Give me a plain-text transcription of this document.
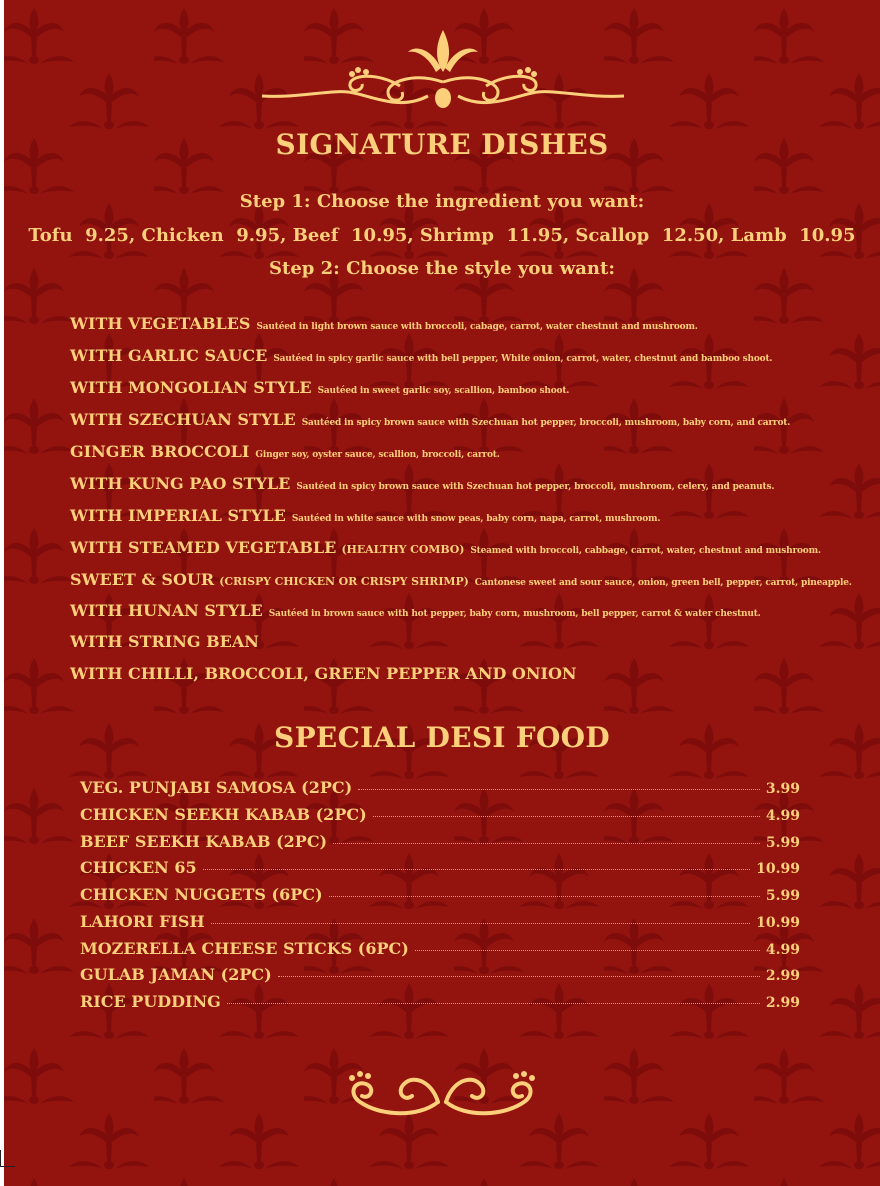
SIGNATURE DISHES
Step 1: Choose the ingredient you want:
Tofu  9.25, Chicken  9.95, Beef  10.95, Shrimp  11.95, Scallop  12.50, Lamb  10.95
Step 2: Choose the style you want:
WITH VEGETABLES Sautéed in light brown sauce with broccoli, cabage, carrot, water chestnut and mushroom.
WITH GARLIC SAUCE Sautéed in spicy garlic sauce with bell pepper, White onion, carrot, water, chestnut and bamboo shoot.
WITH MONGOLIAN STYLE Sautéed in sweet garlic soy, scallion, bamboo shoot.
WITH SZECHUAN STYLE Sautéed in spicy brown sauce with Szechuan hot pepper, broccoli, mushroom, baby corn, and carrot.
GINGER BROCCOLI Ginger soy, oyster sauce, scallion, broccoli, carrot.
WITH KUNG PAO STYLE Sautéed in spicy brown sauce with Szechuan hot pepper, broccoli, mushroom, celery, and peanuts.
WITH IMPERIAL STYLE Sautéed in white sauce with snow peas, baby corn, napa, carrot, mushroom.
WITH STEAMED VEGETABLE (HEALTHY COMBO) Steamed with broccoli, cabbage, carrot, water, chestnut and mushroom.
SWEET & SOUR (CRISPY CHICKEN OR CRISPY SHRIMP) Cantonese sweet and sour sauce, onion, green bell, pepper, carrot, pineapple.
WITH HUNAN STYLE Sautéed in brown sauce with hot pepper, baby corn, mushroom, bell pepper, carrot & water chestnut.
WITH STRING BEAN
WITH CHILLI, BROCCOLI, GREEN PEPPER AND ONION
SPECIAL DESI FOOD
VEG. PUNJABI SAMOSA (2PC)	3.99
CHICKEN SEEKH KABAB (2PC)	4.99
BEEF SEEKH KABAB (2PC)	5.99
CHICKEN 65	10.99
CHICKEN NUGGETS (6PC)	5.99
LAHORI FISH	10.99
MOZERELLA CHEESE STICKS (6PC)	4.99
GULAB JAMAN (2PC)	2.99
RICE PUDDING	2.99
